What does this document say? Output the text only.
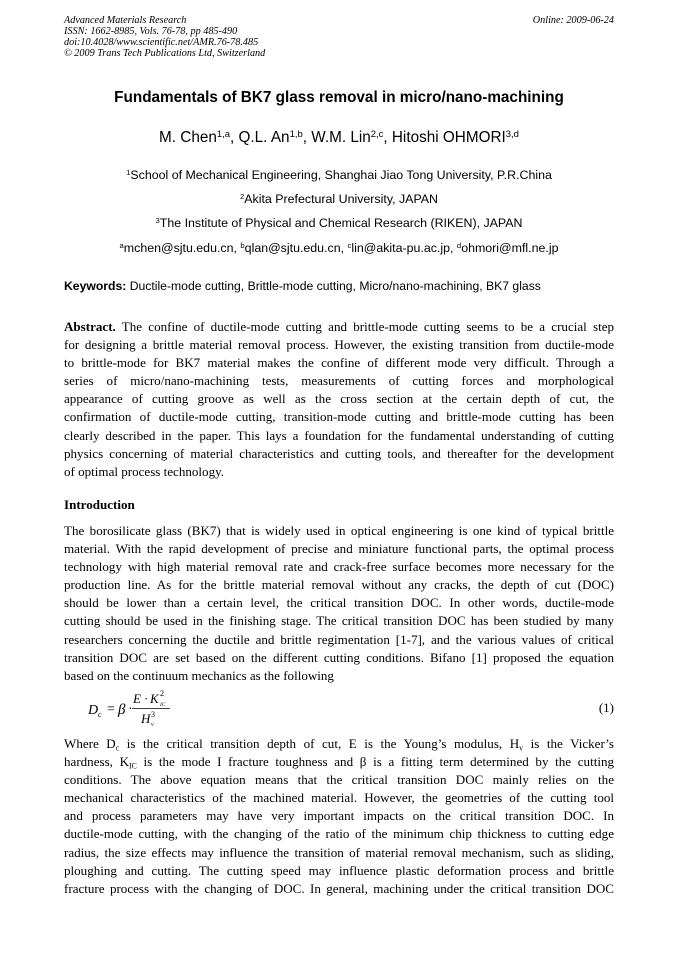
Advanced Materials Research
ISSN: 1662-8985, Vols. 76-78, pp 485-490
doi:10.4028/www.scientific.net/AMR.76-78.485
© 2009 Trans Tech Publications Ltd, Switzerland
Online: 2009-06-24
Fundamentals of BK7 glass removal in micro/nano-machining
M. Chen$^{1,a}$, Q.L. An$^{1,b}$, W.M. Lin$^{2,c}$, Hitoshi OHMORI$^{3,d}$
$^1$School of Mechanical Engineering, Shanghai Jiao Tong University, P.R.China
$^2$Akita Prefectural University, JAPAN
$^3$The Institute of Physical and Chemical Research (RIKEN), JAPAN
$^a$mchen@sjtu.edu.cn, $^b$qlan@sjtu.edu.cn, $^c$lin@akita-pu.ac.jp, $^d$ohmori@mfl.ne.jp
Keywords: Ductile-mode cutting, Brittle-mode cutting, Micro/nano-machining, BK7 glass
Abstract. The confine of ductile-mode cutting and brittle-mode cutting seems to be a crucial step
for designing a brittle material removal process. However, the existing transition from ductile-mode
to brittle-mode for BK7 material makes the confine of different mode very difficult. Through a
series of micro/nano-machining tests, measurements of cutting forces and morphological
appearance of cutting groove as well as the cross section at the certain depth of cut, the
confirmation of ductile-mode cutting, transition-mode cutting and brittle-mode cutting has been
clearly described in the paper. This lays a foundation for the fundamental understanding of cutting
physics concerning of material characteristics and cutting tools, and thereafter for the development
of optimal process technology.
Introduction
The borosilicate glass (BK7) that is widely used in optical engineering is one kind of typical brittle
material. With the rapid development of precise and miniature functional parts, the optimal process
technology with high material removal rate and crack-free surface becomes more necessary for the
production line. As for the brittle material removal without any cracks, the depth of cut (DOC)
should be lower than a certain level, the critical transition DOC. In other words, ductile-mode
cutting should be used in the finishing stage. The critical transition DOC has been studied by many
researchers concerning the ductile and brittle regimentation [1-7], and the various values of critical
transition DOC are set based on the different cutting conditions. Bifano [1] proposed the equation
based on the continuum mechanics as the following
D c = β ·
E · K 2
IC
H 3
v
(1)
Where $D_c$ is the critical transition depth of cut, E is the Young’s modulus, $H_v$ is the Vicker’s
hardness, $K_{IC}$ is the mode I fracture toughness and β is a fitting term determined by the cutting
conditions. The above equation means that the critical transition DOC mainly relies on the
mechanical characteristics of the machined material. However, the geometries of the cutting tool
and process parameters may have very important impacts on the critical transition DOC. In
ductile-mode cutting, with the changing of the ratio of the minimum chip thickness to cutting edge
radius, the size effects may influence the transition of material removal mechanism, such as sliding,
ploughing and cutting. The cutting speed may influence plastic deformation process and brittle
fracture process with the changing of DOC. In general, machining under the critical transition DOC
